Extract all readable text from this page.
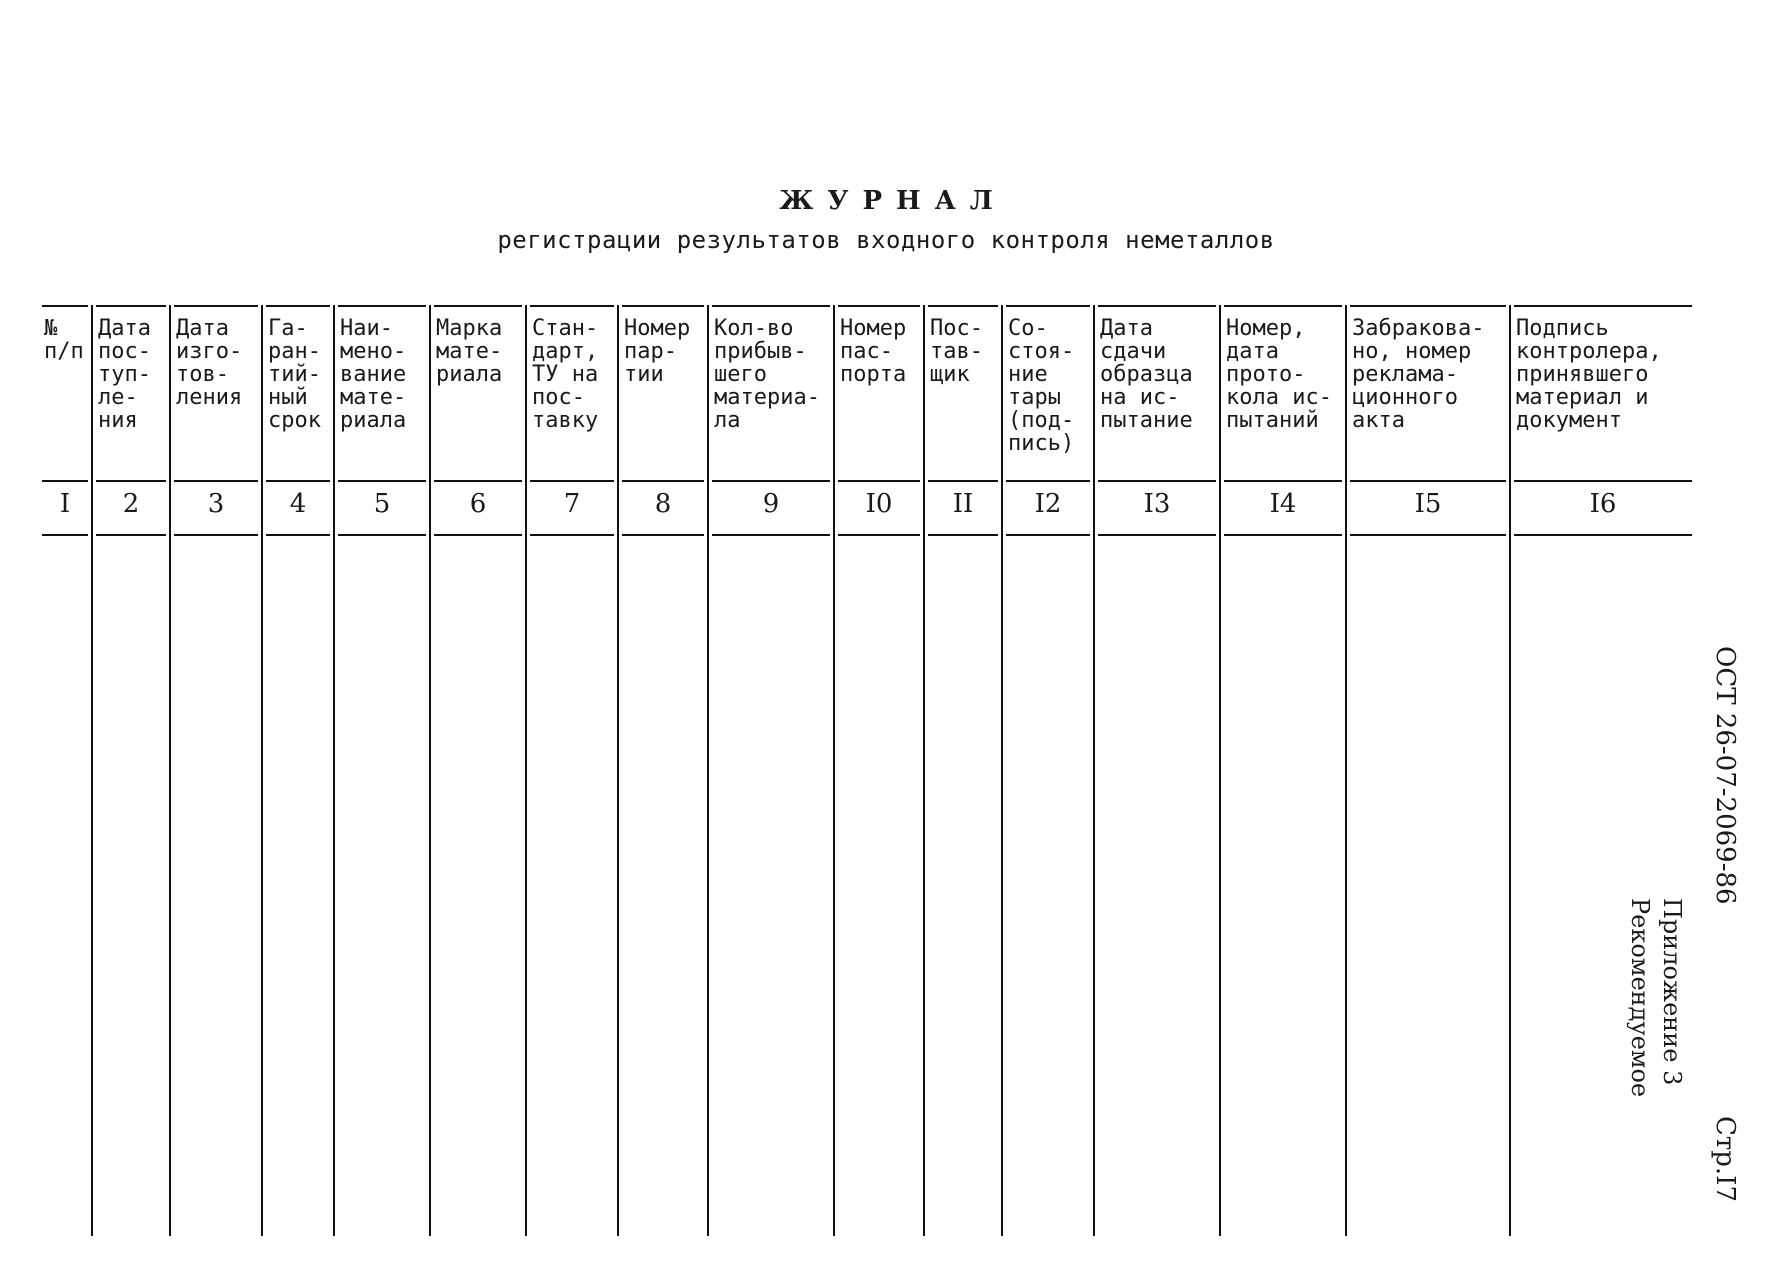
ЖУРНАЛ
регистрации результатов входного контроля неметаллов
№
п/п
I
Дата
пос-
туп-
ле-
ния
2
Дата
изго-
тов-
ления
3
Га-
ран-
тий-
ный
срок
4
Наи-
мено-
вание
мате-
риала
5
Марка
мате-
риала
6
Стан-
дарт,
ТУ на
пос-
тавку
7
Номер
пар-
тии
8
Кол-во
прибыв-
шего
материа-
ла
9
Номер
пас-
порта
I0
Пос-
тав-
щик
II
Со-
стоя-
ние
тары
(под-
пись)
I2
Дата
сдачи
образца
на ис-
пытание
I3
Номер,
дата
прото-
кола ис-
пытаний
I4
Забракова-
но, номер
реклама-
ционного
акта
I5
Подпись
контролера,
принявшего
материал и
документ
I6
ОСТ 26-07-2069-86
Приложение 3
Рекомендуемое
Стр.I7
